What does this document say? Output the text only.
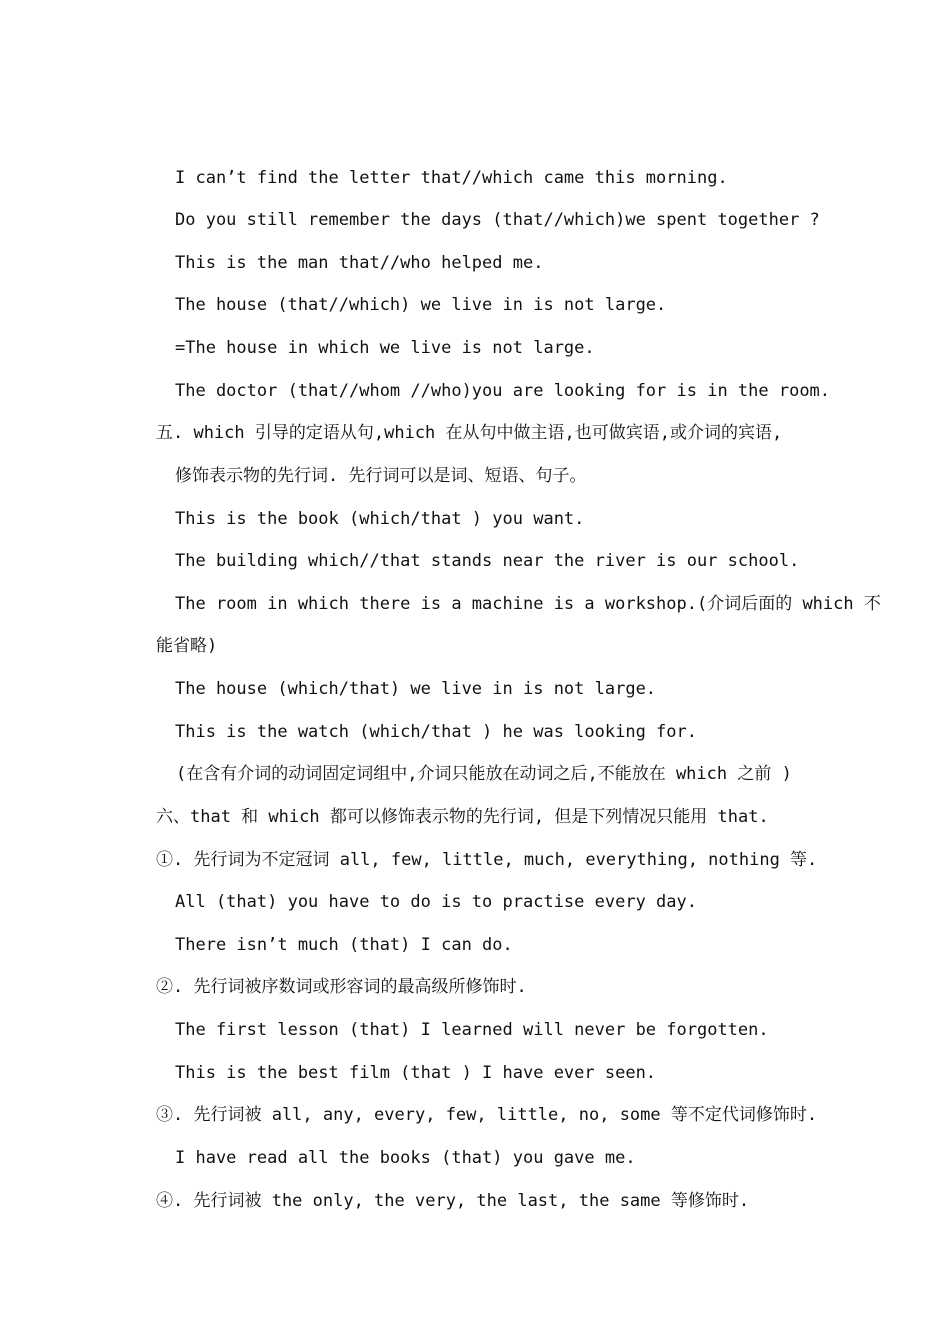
I can’t find the letter that//which came this morning.
Do you still remember the days (that//which)we spent together ?
This is the man that//who helped me.
The house (that//which) we live in is not large.
=The house in which we live is not large.
The doctor (that//whom //who)you are looking for is in the room.
五. which 引导的定语从句,which 在从句中做主语,也可做宾语,或介词的宾语,
修饰表示物的先行词. 先行词可以是词、短语、句子。
This is the book (which/that ) you want.
The building which//that stands near the river is our school.
The room in which there is a machine is a workshop.(介词后面的 which 不
能省略)
The house (which/that) we live in is not large.
This is the watch (which/that ) he was looking for.
(在含有介词的动词固定词组中,介词只能放在动词之后,不能放在 which 之前 )
六、that 和 which 都可以修饰表示物的先行词, 但是下列情况只能用 that.
①. 先行词为不定冠词 all, few, little, much, everything, nothing 等.
All (that) you have to do is to practise every day.
There isn’t much (that) I can do.
②. 先行词被序数词或形容词的最高级所修饰时.
The first lesson (that) I learned will never be forgotten.
This is the best film (that ) I have ever seen.
③. 先行词被 all, any, every, few, little, no, some 等不定代词修饰时.
I have read all the books (that) you gave me.
④. 先行词被 the only, the very, the last, the same 等修饰时.
